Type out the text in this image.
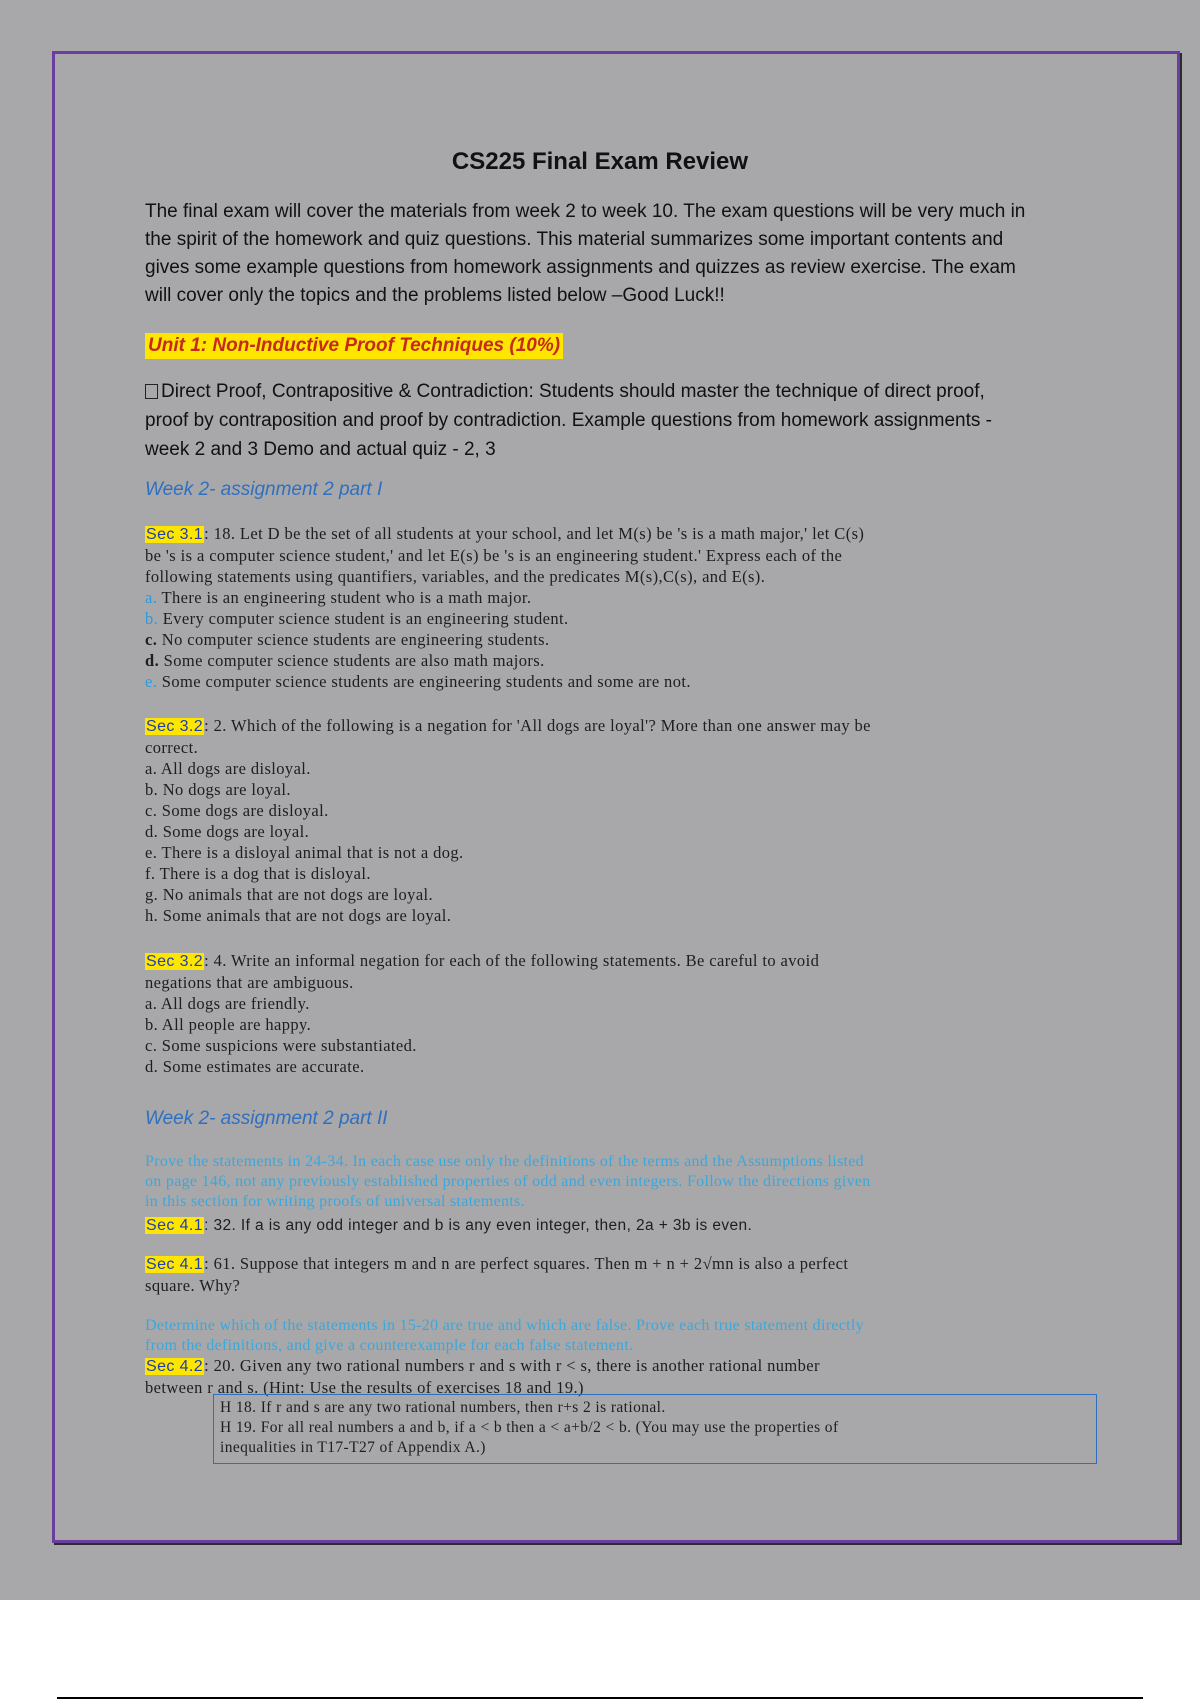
CS225 Final Exam Review
The final exam will cover the materials from week 2 to week 10. The exam questions will be very much in
the spirit of the homework and quiz questions. This material summarizes some important contents and
gives some example questions from homework assignments and quizzes as review exercise. The exam
will cover only the topics and the problems listed below –Good Luck!!
Unit 1: Non-Inductive Proof Techniques (10%)
Direct Proof, Contrapositive & Contradiction: Students should master the technique of direct proof,
proof by contraposition and proof by contradiction. Example questions from homework assignments -
week 2 and 3 Demo and actual quiz - 2, 3
Week 2- assignment 2 part I
Sec 3.1: 18. Let D be the set of all students at your school, and let M(s) be 's is a math major,' let C(s)
be 's is a computer science student,' and let E(s) be 's is an engineering student.' Express each of the
following statements using quantifiers, variables, and the predicates M(s),C(s), and E(s).
a. There is an engineering student who is a math major.
b. Every computer science student is an engineering student.
c. No computer science students are engineering students.
d. Some computer science students are also math majors.
e. Some computer science students are engineering students and some are not.
Sec 3.2: 2. Which of the following is a negation for 'All dogs are loyal'? More than one answer may be
correct.
a. All dogs are disloyal.
b. No dogs are loyal.
c. Some dogs are disloyal.
d. Some dogs are loyal.
e. There is a disloyal animal that is not a dog.
f. There is a dog that is disloyal.
g. No animals that are not dogs are loyal.
h. Some animals that are not dogs are loyal.
Sec 3.2: 4. Write an informal negation for each of the following statements. Be careful to avoid
negations that are ambiguous.
a. All dogs are friendly.
b. All people are happy.
c. Some suspicions were substantiated.
d. Some estimates are accurate.
Week 2- assignment 2 part II
Prove the statements in 24-34. In each case use only the definitions of the terms and the Assumptions listed
on page 146, not any previously established properties of odd and even integers. Follow the directions given
in this section for writing proofs of universal statements.
Sec 4.1: 32. If a is any odd integer and b is any even integer, then, 2a + 3b is even.
Sec 4.1: 61. Suppose that integers m and n are perfect squares. Then m + n + 2√mn is also a perfect
square. Why?
Determine which of the statements in 15-20 are true and which are false. Prove each true statement directly
from the definitions, and give a counterexample for each false statement.
Sec 4.2: 20. Given any two rational numbers r and s with r < s, there is another rational number
between r and s. (Hint: Use the results of exercises 18 and 19.)
H 18. If r and s are any two rational numbers, then r+s 2 is rational.
H 19. For all real numbers a and b, if a < b then a < a+b/2 < b. (You may use the properties of
inequalities in T17-T27 of Appendix A.)
